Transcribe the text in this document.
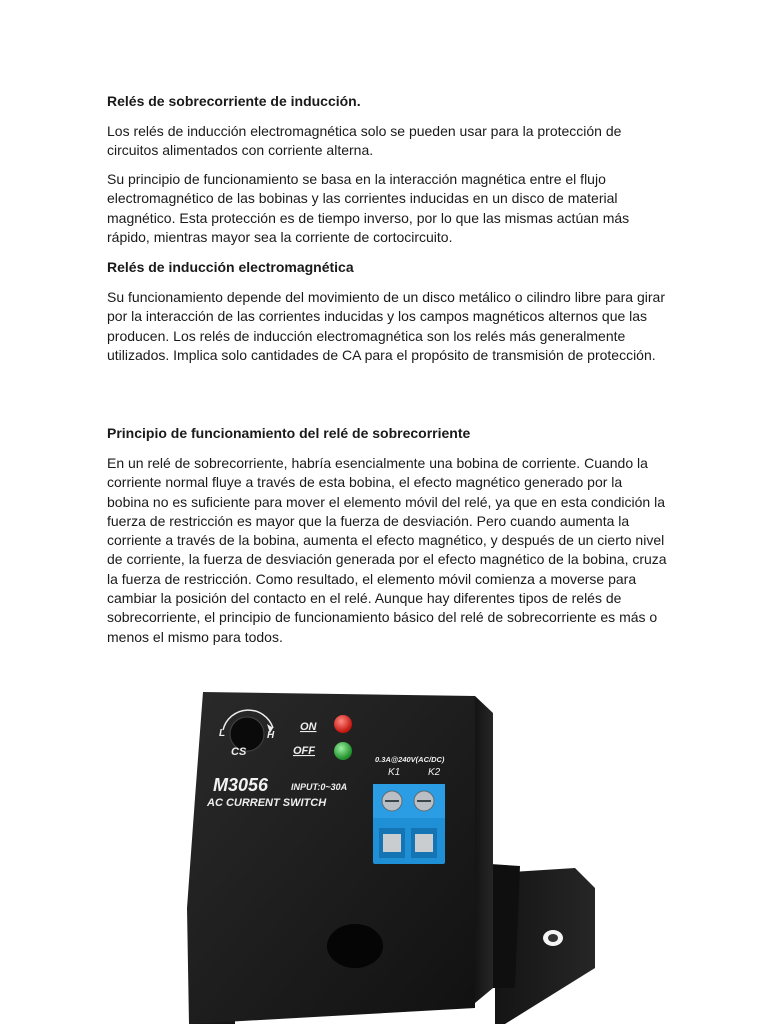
Relés de sobrecorriente de inducción.

Los relés de inducción electromagnética solo se pueden usar para la protección de circuitos alimentados con corriente alterna.

Su principio de funcionamiento se basa en la interacción magnética entre el flujo electromagnético de las bobinas y las corrientes inducidas en un disco de material magnético. Esta protección es de tiempo inverso, por lo que las mismas actúan más rápido, mientras mayor sea la corriente de cortocircuito.

Relés de inducción electromagnética

Su funcionamiento depende del movimiento de un disco metálico o cilindro libre para girar por la interacción de las corrientes inducidas y los campos magnéticos alternos que las producen. Los relés de inducción electromagnética son los relés más generalmente utilizados. Implica solo cantidades de CA para el propósito de transmisión de protección.

Principio de funcionamiento del relé de sobrecorriente

En un relé de sobrecorriente, habría esencialmente una bobina de corriente. Cuando la corriente normal fluye a través de esta bobina, el efecto magnético generado por la bobina no es suficiente para mover el elemento móvil del relé, ya que en esta condición la fuerza de restricción es mayor que la fuerza de desviación. Pero cuando aumenta la corriente a través de la bobina, aumenta el efecto magnético, y después de un cierto nivel de corriente, la fuerza de desviación generada por el efecto magnético de la bobina, cruza la fuerza de restricción. Como resultado, el elemento móvil comienza a moverse para cambiar la posición del contacto en el relé. Aunque hay diferentes tipos de relés de sobrecorriente, el principio de funcionamiento básico del relé de sobrecorriente es más o menos el mismo para todos.

L	H
CS
ON
OFF
0.3A@240V(AC/DC)
K1	K2
M3056	INPUT:0~30A
AC CURRENT SWITCH
